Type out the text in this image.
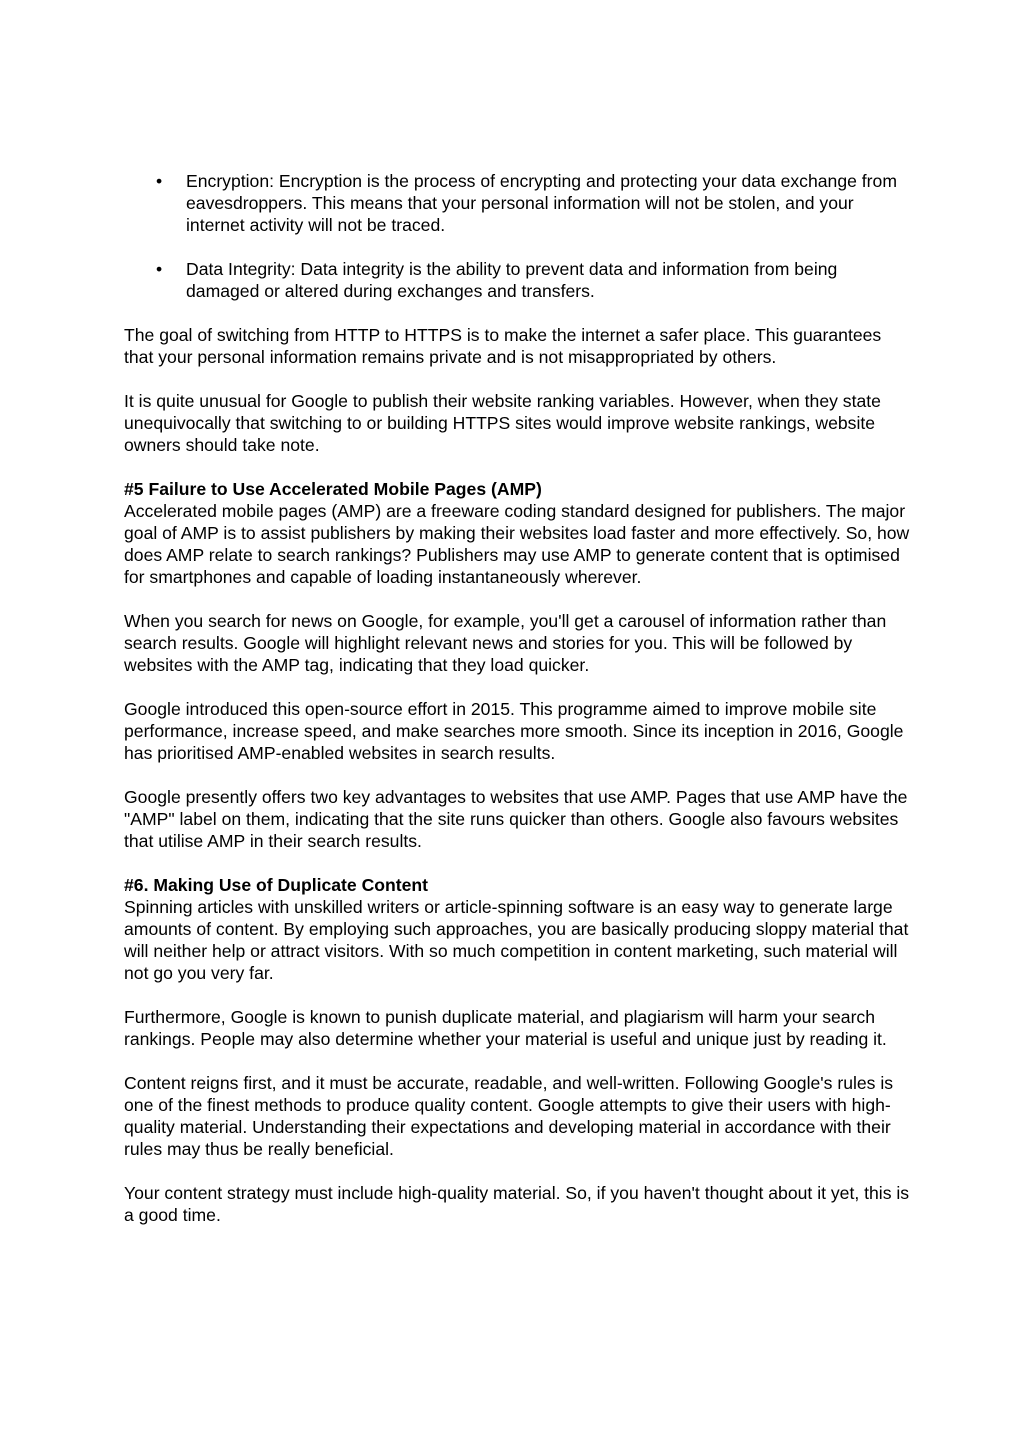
• Encryption: Encryption is the process of encrypting and protecting your data exchange from eavesdroppers. This means that your personal information will not be stolen, and your internet activity will not be traced.
• Data Integrity: Data integrity is the ability to prevent data and information from being damaged or altered during exchanges and transfers.

The goal of switching from HTTP to HTTPS is to make the internet a safer place. This guarantees that your personal information remains private and is not misappropriated by others.

It is quite unusual for Google to publish their website ranking variables. However, when they state unequivocally that switching to or building HTTPS sites would improve website rankings, website owners should take note.

#5 Failure to Use Accelerated Mobile Pages (AMP)

Accelerated mobile pages (AMP) are a freeware coding standard designed for publishers. The major goal of AMP is to assist publishers by making their websites load faster and more effectively. So, how does AMP relate to search rankings? Publishers may use AMP to generate content that is optimised for smartphones and capable of loading instantaneously wherever.

When you search for news on Google, for example, you'll get a carousel of information rather than search results. Google will highlight relevant news and stories for you. This will be followed by websites with the AMP tag, indicating that they load quicker.

Google introduced this open-source effort in 2015. This programme aimed to improve mobile site performance, increase speed, and make searches more smooth. Since its inception in 2016, Google has prioritised AMP-enabled websites in search results.

Google presently offers two key advantages to websites that use AMP. Pages that use AMP have the "AMP" label on them, indicating that the site runs quicker than others. Google also favours websites that utilise AMP in their search results.

#6. Making Use of Duplicate Content

Spinning articles with unskilled writers or article-spinning software is an easy way to generate large amounts of content. By employing such approaches, you are basically producing sloppy material that will neither help or attract visitors. With so much competition in content marketing, such material will not go you very far.

Furthermore, Google is known to punish duplicate material, and plagiarism will harm your search rankings. People may also determine whether your material is useful and unique just by reading it.

Content reigns first, and it must be accurate, readable, and well-written. Following Google's rules is one of the finest methods to produce quality content. Google attempts to give their users with high-quality material. Understanding their expectations and developing material in accordance with their rules may thus be really beneficial.

Your content strategy must include high-quality material. So, if you haven't thought about it yet, this is a good time.
